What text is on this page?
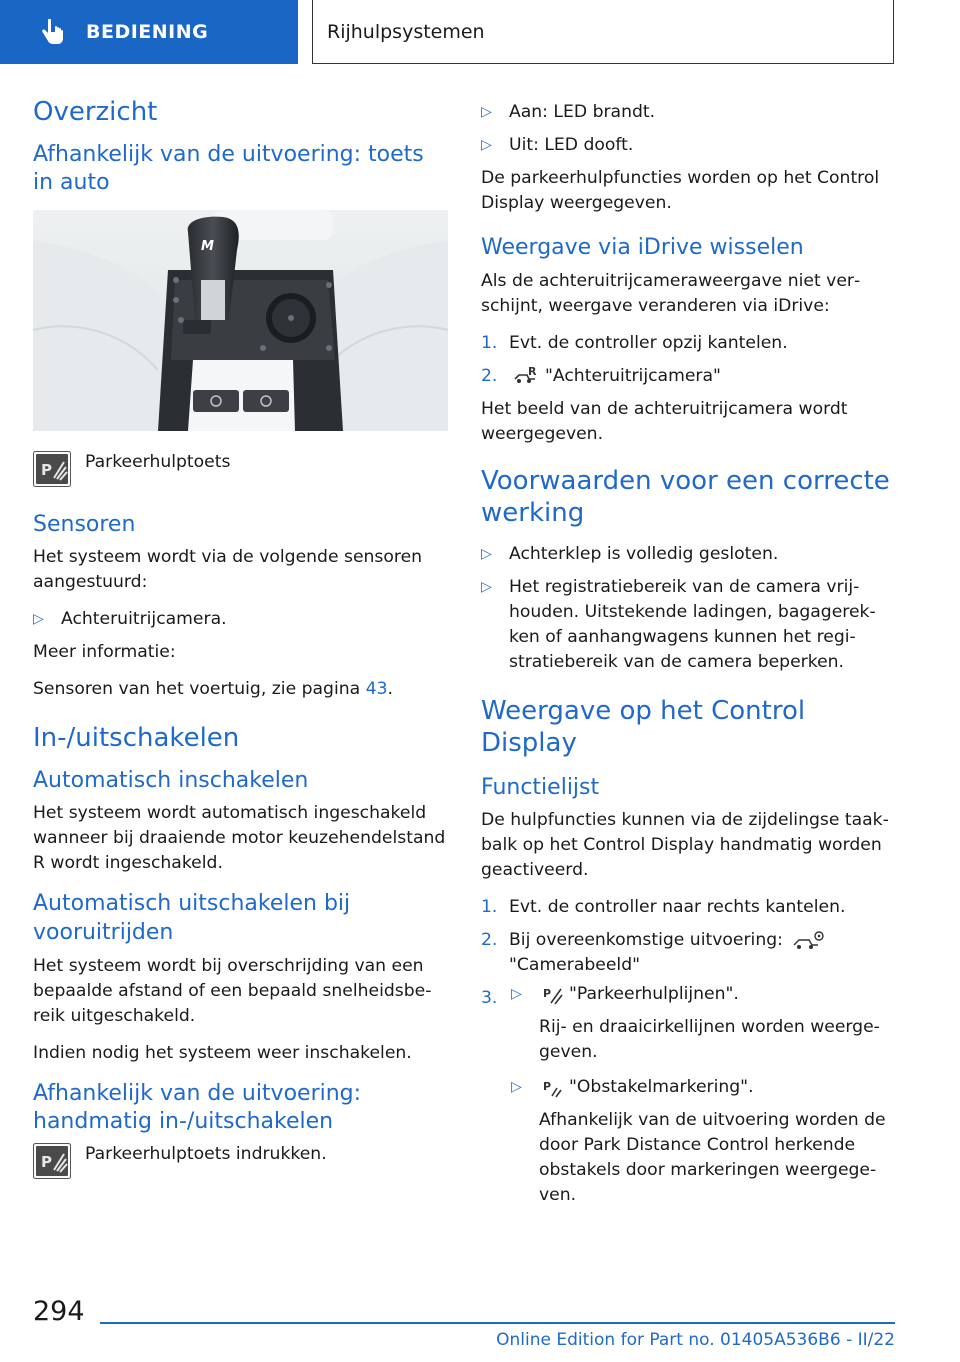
BEDIENING	Rijhulpsystemen
Overzicht
Afhankelijk van de uitvoering: toets in auto
M
P Parkeerhulptoets
Sensoren

Het systeem wordt via de volgende sensoren aangestuurd:

▷ Achteruitrijcamera.

Meer informatie:

Sensoren van het voertuig, zie pagina 43.

In-/uitschakelen
Automatisch inschakelen

Het systeem wordt automatisch ingeschakeld wanneer bij draaiende motor keuzehendelstand R wordt ingeschakeld.

Automatisch uitschakelen bij vooruitrijden

Het systeem wordt bij overschrijding van een bepaalde afstand of een bepaald snelheidsbereik uitgeschakeld.

Indien nodig het systeem weer inschakelen.

Afhankelijk van de uitvoering: handmatig in-/uitschakelen
P Parkeerhulptoets indrukken.
▷ Aan: LED brandt.
▷ Uit: LED dooft.

De parkeerhulpfuncties worden op het Control Display weergegeven.

Weergave via iDrive wisselen

Als de achteruitrijcameraweergave niet verschijnt, weergave veranderen via iDrive:

1. Evt. de controller opzij kantelen.
2.	R "Achteruitrijcamera"

Het beeld van de achteruitrijcamera wordt weergegeven.

Voorwaarden voor een correcte werking
▷ Achterklep is volledig gesloten.
▷ Het registratiebereik van de camera vrijhouden. Uitstekende ladingen, bagagerekken of aanhangwagens kunnen het registratiebereik van de camera beperken.
Weergave op het Control Display
Functielijst

De hulpfuncties kunnen via de zijdelingse taakbalk op het Control Display handmatig worden geactiveerd.

1. Evt. de controller naar rechts kantelen.
2. Bij overeenkomstige uitvoering:
"Camerabeeld"
3.
▷ P "Parkeerhulplijnen".
Rij- en draaicirkellijnen worden weergegeven.
▷ P "Obstakelmarkering".
Afhankelijk van de uitvoering worden de door Park Distance Control herkende obstakels door markeringen weergegeven.
294
Online Edition for Part no. 01405A536B6 - II/22
